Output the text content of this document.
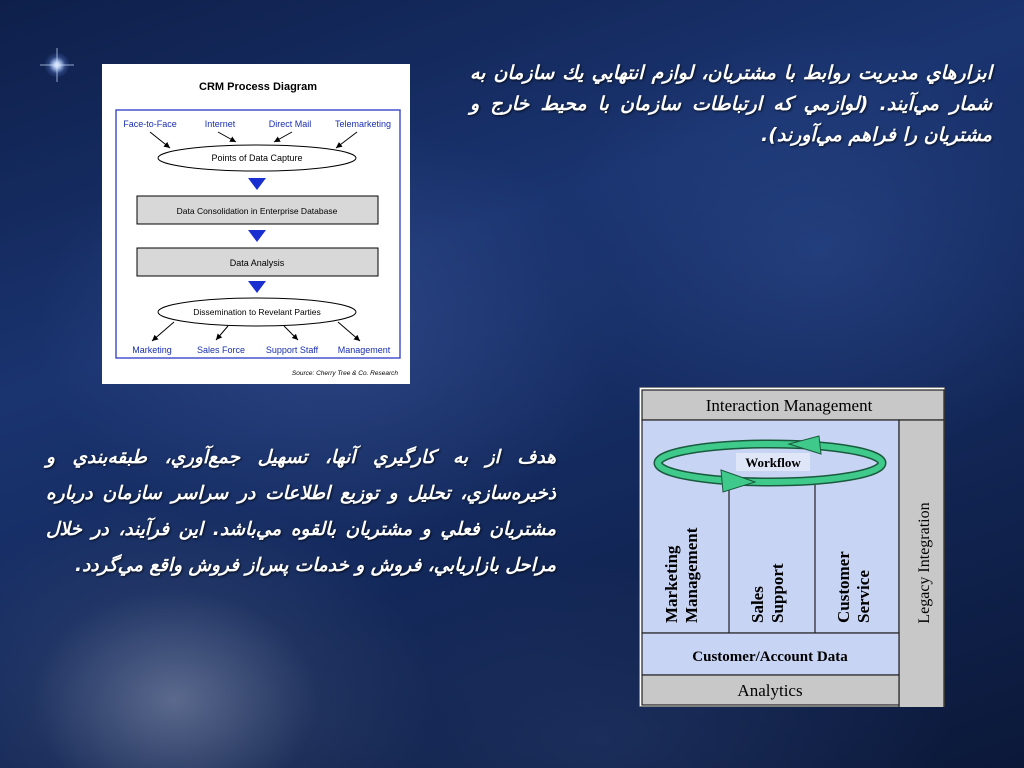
ابزارهاي مديريت روابط با مشتريان، لوازم انتهايي يك سازمان به شمار مي‌آيند. (لوازمي كه ارتباطات سازمان با محيط خارج و مشتريان را فراهم مي‌آورند).
هدف از به كارگيري آنها، تسهيل جمع‌آوري، طبقه‌بندي و ذخيره‌سازي، تحليل و توزيع اطلاعات در سراسر سازمان درباره مشتريان فعلي و مشتريان بالقوه مي‌باشد. اين فرآيند، در خلال مراحل بازاريابي، فروش و خدمات پس‌از فروش واقع مي‌گردد.
CRM Process Diagram
Face-to-Face	Internet	Direct Mail	Telemarketing
Points of Data Capture
Data Consolidation in Enterprise Database
Data Analysis
Dissemination to Revelant Parties
Marketing	Sales Force Support Staff Management
Source: Cherry Tree & Co. Research
Interaction Management
Workflow
Marketing Management	Sales Support	Customer Service	Legacy Integration
Customer/Account Data
Analytics
